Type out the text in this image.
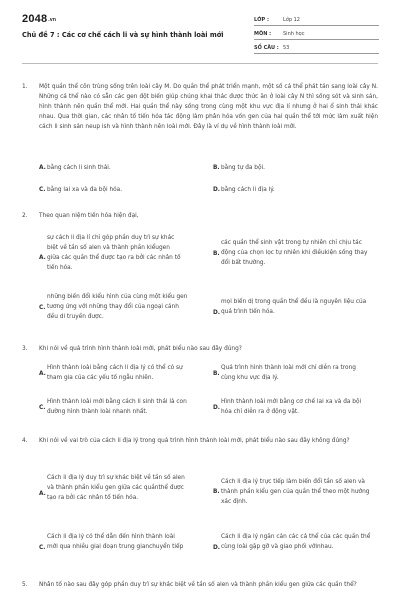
2048.vn
Chủ đề 7 : Các cơ chế cách li và sự hình thành loài mới
LỚP :	Lớp 12
MÔN : Sinh học
SỐ CÂU : 53
1. Một quần thể côn trùng sống trên loài cây M. Do quần thể phát triển mạnh, một số cá thể phát tán sang loài cây N. Những cá thể nào có sẵn các gen đột biến giúp chúng khai thác được thức ăn ở loài cây N thì sống sót và sinh sản, hình thành nên quần thể mới. Hai quần thể này sống trong cùng một khu vực địa lí nhưng ở hai ổ sinh thái khác nhau. Qua thời gian, các nhân tố tiến hóa tác động làm phân hóa vốn gen của hai quần thể tới mức làm xuất hiện cách li sinh sản neup ish và hình thành nên loài mới. Đây là ví dụ về hình thành loài mới.
A. bằng cách li sinh thái.	B. bằng tự đa bội.
C. bằng lai xa và đa bội hóa.	D. bằng cách li địa lý.
2. Theo quan niệm tiến hóa hiện đại,
A.
sự cách li địa lí chỉ góp phần duy trì sự khác biệt về tần số alen và thành phần kiểugen giữa các quần thể được tạo ra bởi các nhân tố tiến hóa.
B.
các quần thể sinh vật trong tự nhiên chỉ chịu tác động của chọn lọc tự nhiên khi điềukiện sống thay đổi bất thường.
C.
những biến đổi kiểu hình của cùng một kiểu gen tương ứng với những thay đổi của ngoại cảnh đều di truyền được.
D.
mọi biến dị trong quần thể đều là nguyên liệu của quá trình tiến hóa.
3. Khi nói về quá trình hình thành loài mới, phát biểu nào sau đây đúng?
A.
Hình thành loài bằng cách li địa lý có thể có sự tham gia của các yếu tố ngẫu nhiên.
B.
Quá trình hình thành loài mới chỉ diễn ra trong cùng khu vực địa lý.
C.
Hình thành loài mới bằng cách li sinh thái là con đường hình thành loài nhanh nhất.
D.
Hình thành loài mới bằng cơ chế lai xa và đa bội hóa chỉ diễn ra ở động vật.
4. Khi nói về vai trò của cách li địa lý trong quá trình hình thành loài mới, phát biểu nào sau đây không đúng?
A.
Cách li địa lý duy trì sự khác biệt về tần số alen và thành phần kiểu gen giữa các quầnthể được tạo ra bởi các nhân tố tiến hóa.
B.
Cách li địa lý trực tiếp làm biến đổi tần số alen và thành phần kiểu gen của quần thể theo một hướng xác định.
C.
Cách li địa lý có thể dẫn đến hình thành loài mới qua nhiều giai đoạn trung gianchuyển tiếp	D.
Cách li địa lý ngăn cản các cá thể của các quần thể cùng loài gặp gỡ và giao phối vớinhau.
5. Nhân tố nào sau đây góp phần duy trì sự khác biệt về tần số alen và thành phần kiểu gen giữa các quần thể?
